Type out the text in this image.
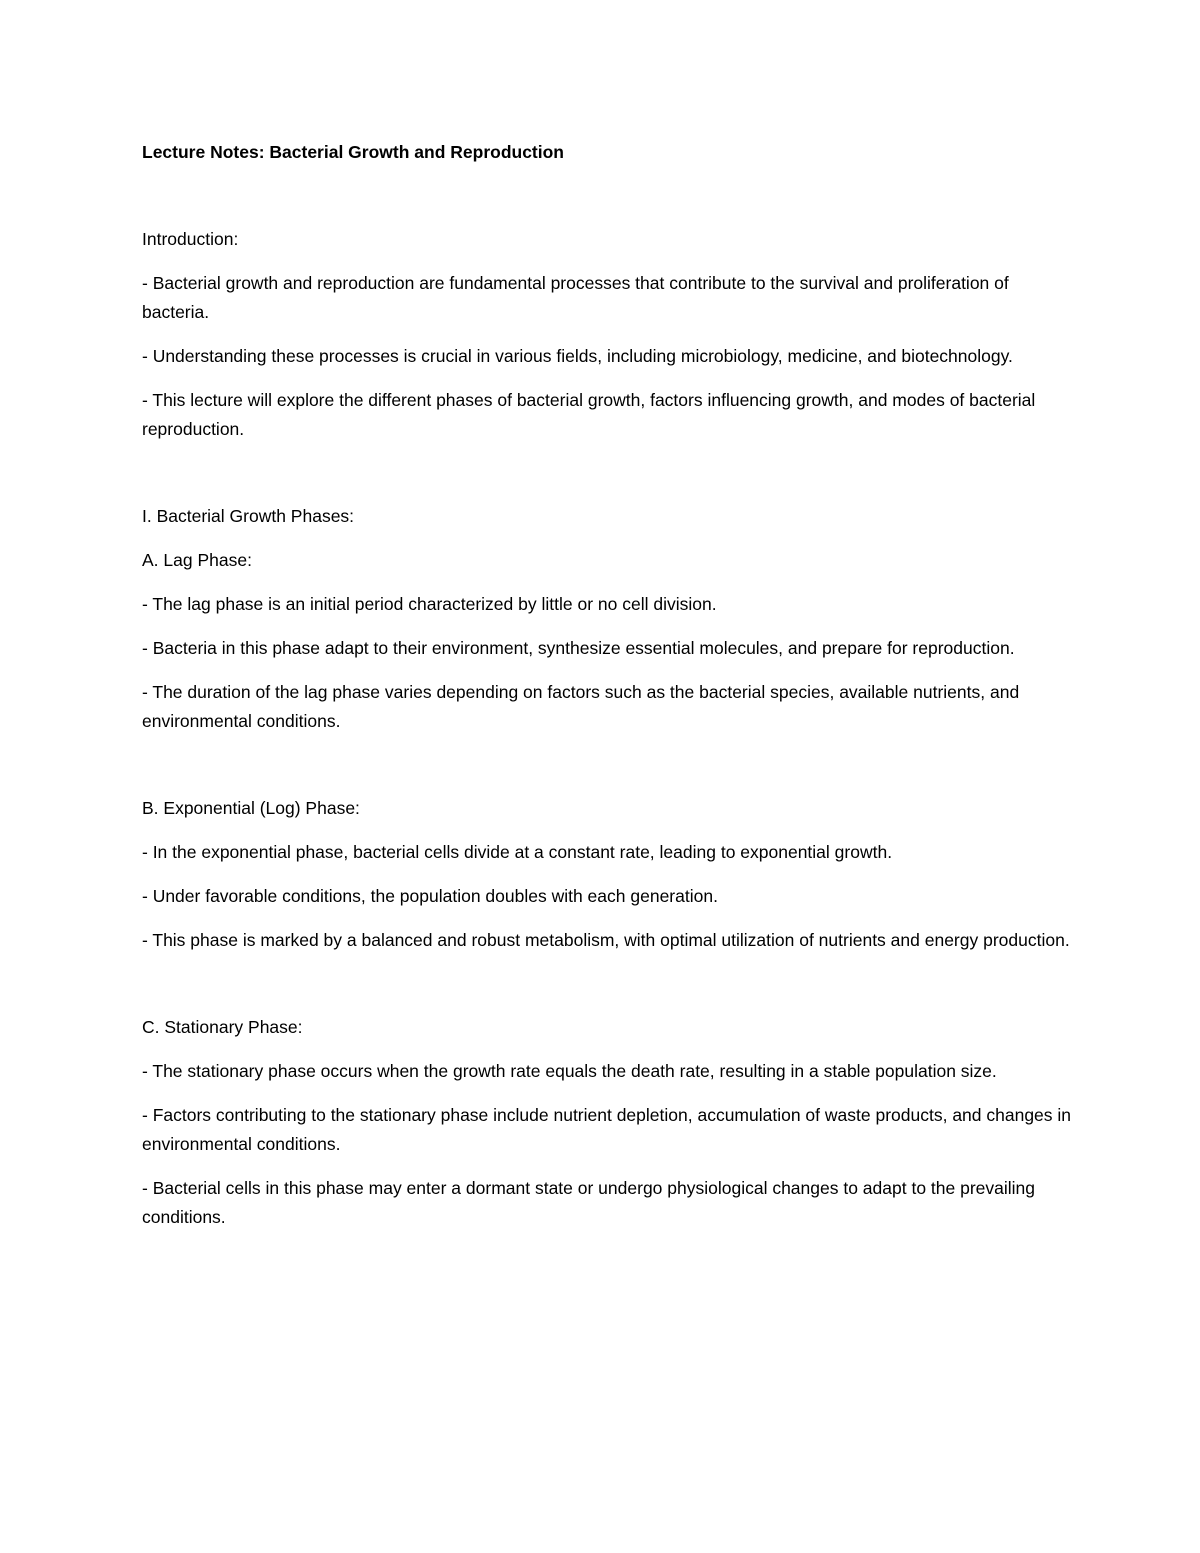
Lecture Notes: Bacterial Growth and Reproduction
Introduction:
- Bacterial growth and reproduction are fundamental processes that contribute to the survival and proliferation of bacteria.
- Understanding these processes is crucial in various fields, including microbiology, medicine, and biotechnology.
- This lecture will explore the different phases of bacterial growth, factors influencing growth, and modes of bacterial reproduction.
I. Bacterial Growth Phases:
A. Lag Phase:
- The lag phase is an initial period characterized by little or no cell division.
- Bacteria in this phase adapt to their environment, synthesize essential molecules, and prepare for reproduction.
- The duration of the lag phase varies depending on factors such as the bacterial species, available nutrients, and environmental conditions.
B. Exponential (Log) Phase:
- In the exponential phase, bacterial cells divide at a constant rate, leading to exponential growth.
- Under favorable conditions, the population doubles with each generation.
- This phase is marked by a balanced and robust metabolism, with optimal utilization of nutrients and energy production.
C. Stationary Phase:
- The stationary phase occurs when the growth rate equals the death rate, resulting in a stable population size.
- Factors contributing to the stationary phase include nutrient depletion, accumulation of waste products, and changes in environmental conditions.
- Bacterial cells in this phase may enter a dormant state or undergo physiological changes to adapt to the prevailing conditions.
